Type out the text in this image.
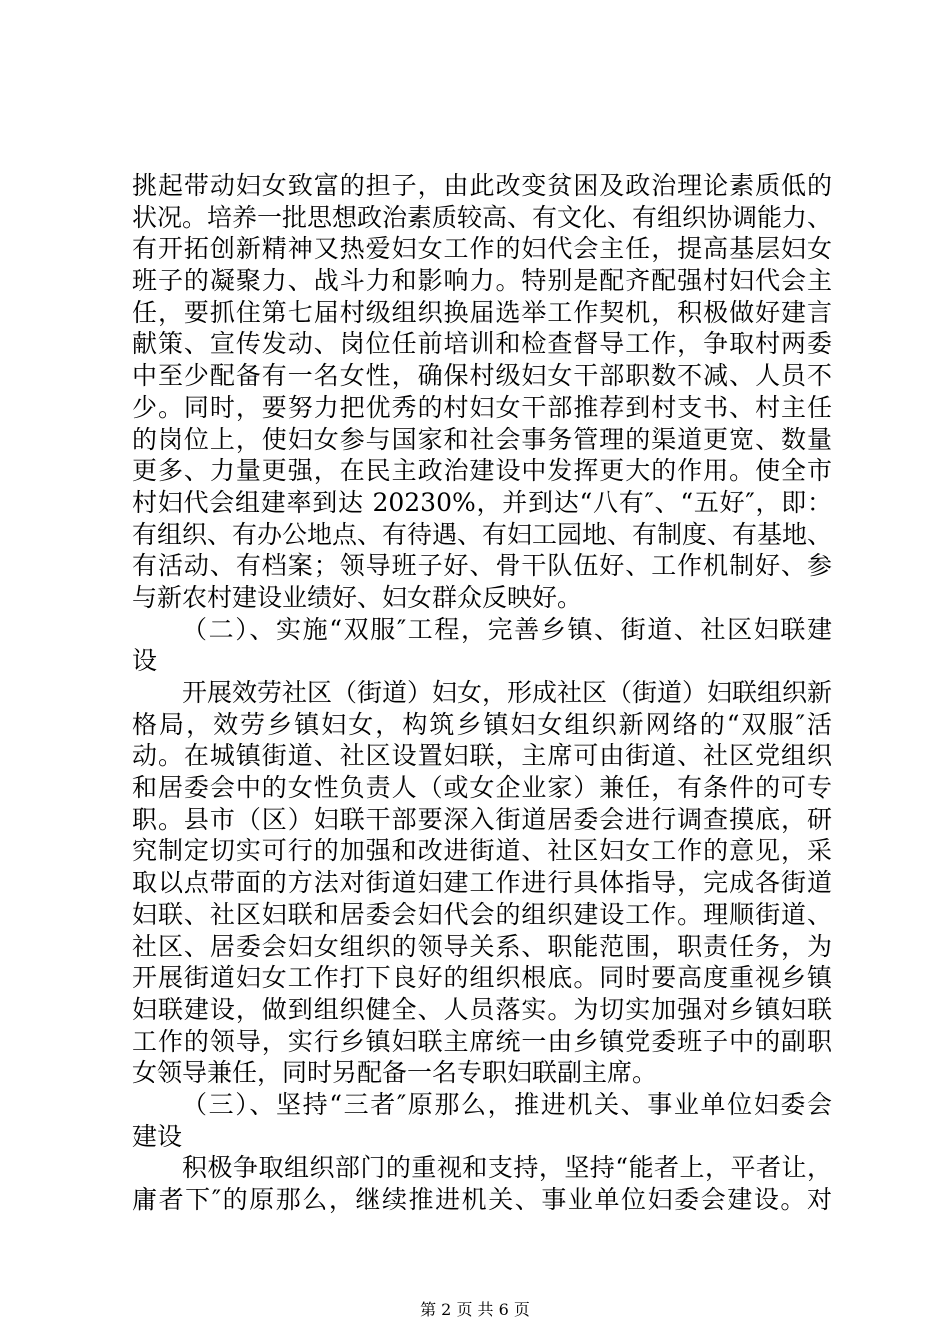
挑起带动妇女致富的担子，由此改变贫困及政治理论素质低的
状况。培养一批思想政治素质较高、有文化、有组织协调能力、
有开拓创新精神又热爱妇女工作的妇代会主任，提高基层妇女
班子的凝聚力、战斗力和影响力。特别是配齐配强村妇代会主
任，要抓住第七届村级组织换届选举工作契机，积极做好建言
献策、宣传发动、岗位任前培训和检查督导工作，争取村两委
中至少配备有一名女性，确保村级妇女干部职数不减、人员不
少。同时，要努力把优秀的村妇女干部推荐到村支书、村主任
的岗位上，使妇女参与国家和社会事务管理的渠道更宽、数量
更多、力量更强，在民主政治建设中发挥更大的作用。使全市
村妇代会组建率到达 20230%，并到达“八有″、“五好″，即：
有组织、有办公地点、有待遇、有妇工园地、有制度、有基地、
有活动、有档案；领导班子好、骨干队伍好、工作机制好、参
与新农村建设业绩好、妇女群众反映好。
（二）、实施“双服″工程，完善乡镇、街道、社区妇联建
设
开展效劳社区（街道）妇女，形成社区（街道）妇联组织新
格局，效劳乡镇妇女，构筑乡镇妇女组织新网络的“双服″活
动。在城镇街道、社区设置妇联，主席可由街道、社区党组织
和居委会中的女性负责人（或女企业家）兼任，有条件的可专
职。县市（区）妇联干部要深入街道居委会进行调查摸底，研
究制定切实可行的加强和改进街道、社区妇女工作的意见，采
取以点带面的方法对街道妇建工作进行具体指导，完成各街道
妇联、社区妇联和居委会妇代会的组织建设工作。理顺街道、
社区、居委会妇女组织的领导关系、职能范围，职责任务，为
开展街道妇女工作打下良好的组织根底。同时要高度重视乡镇
妇联建设，做到组织健全、人员落实。为切实加强对乡镇妇联
工作的领导，实行乡镇妇联主席统一由乡镇党委班子中的副职
女领导兼任，同时另配备一名专职妇联副主席。
（三）、坚持“三者″原那么，推进机关、事业单位妇委会
建设
积极争取组织部门的重视和支持，坚持“能者上，平者让，
庸者下″的原那么，继续推进机关、事业单位妇委会建设。对
第 2 页 共 6 页
